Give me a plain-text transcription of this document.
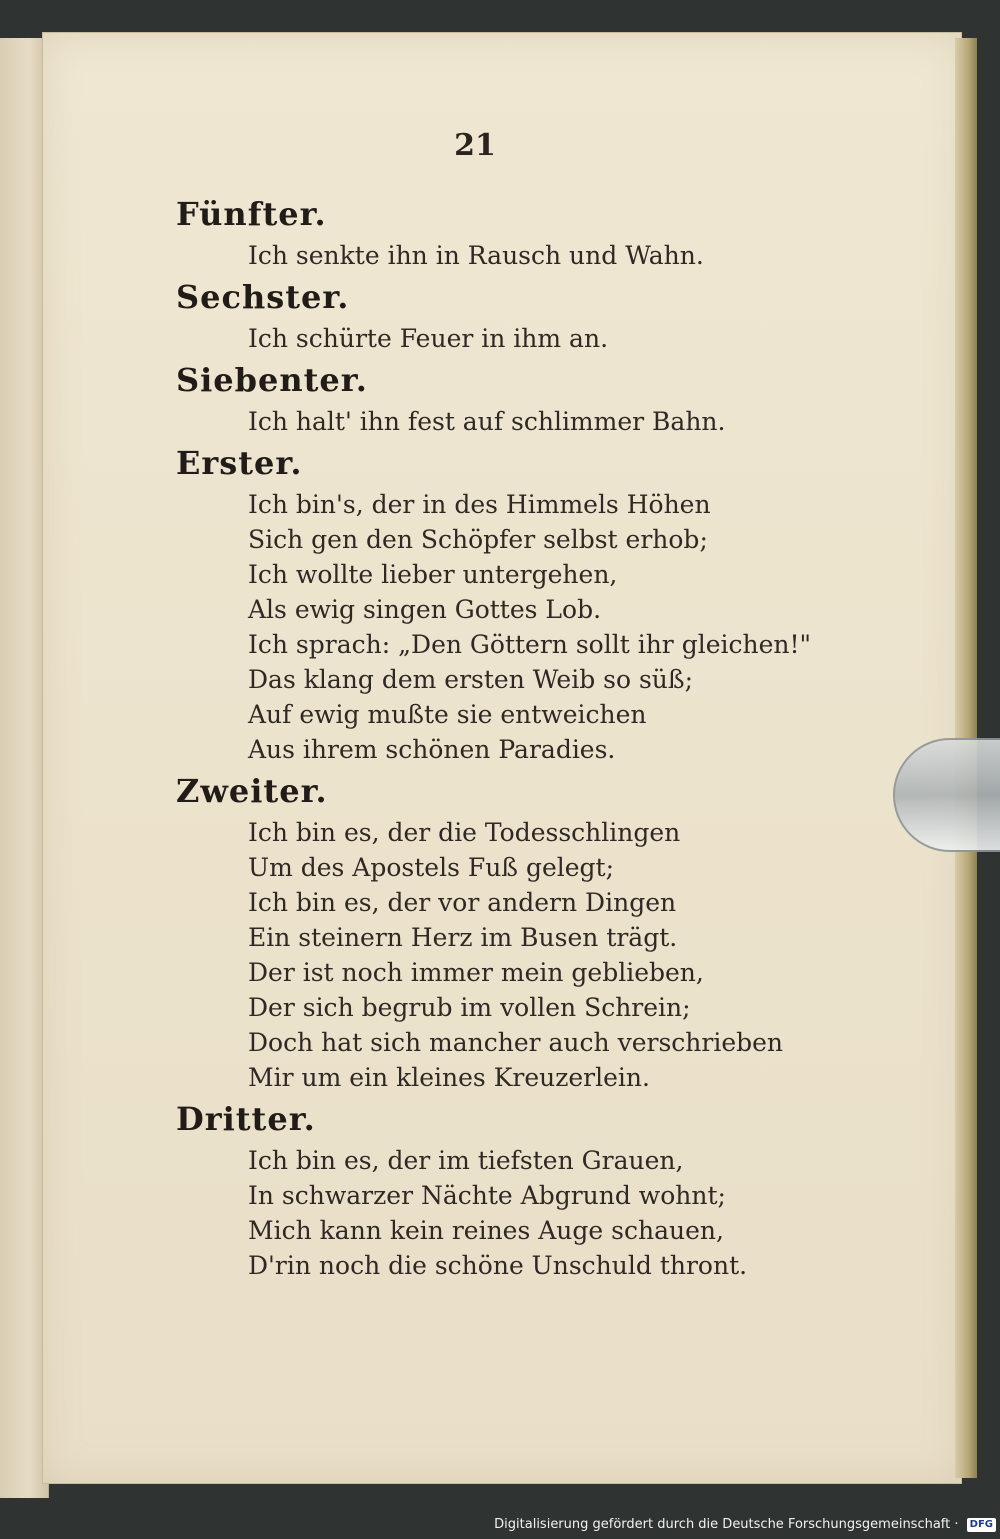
21
Fünfter.
Ich senkte ihn in Rausch und Wahn.
Sechster.
Ich schürte Feuer in ihm an.
Siebenter.
Ich halt' ihn fest auf schlimmer Bahn.
Erster.
Ich bin's, der in des Himmels Höhen
Sich gen den Schöpfer selbst erhob;
Ich wollte lieber untergehen,
Als ewig singen Gottes Lob.
Ich sprach: „Den Göttern sollt ihr gleichen!"
Das klang dem ersten Weib so süß;
Auf ewig mußte sie entweichen
Aus ihrem schönen Paradies.
Zweiter.
Ich bin es, der die Todesschlingen
Um des Apostels Fuß gelegt;
Ich bin es, der vor andern Dingen
Ein steinern Herz im Busen trägt.
Der ist noch immer mein geblieben,
Der sich begrub im vollen Schrein;
Doch hat sich mancher auch verschrieben
Mir um ein kleines Kreuzerlein.
Dritter.
Ich bin es, der im tiefsten Grauen,
In schwarzer Nächte Abgrund wohnt;
Mich kann kein reines Auge schauen,
D'rin noch die schöne Unschuld thront.
Digitalisierung gefördert durch die Deutsche Forschungsgemeinschaft · DFG
